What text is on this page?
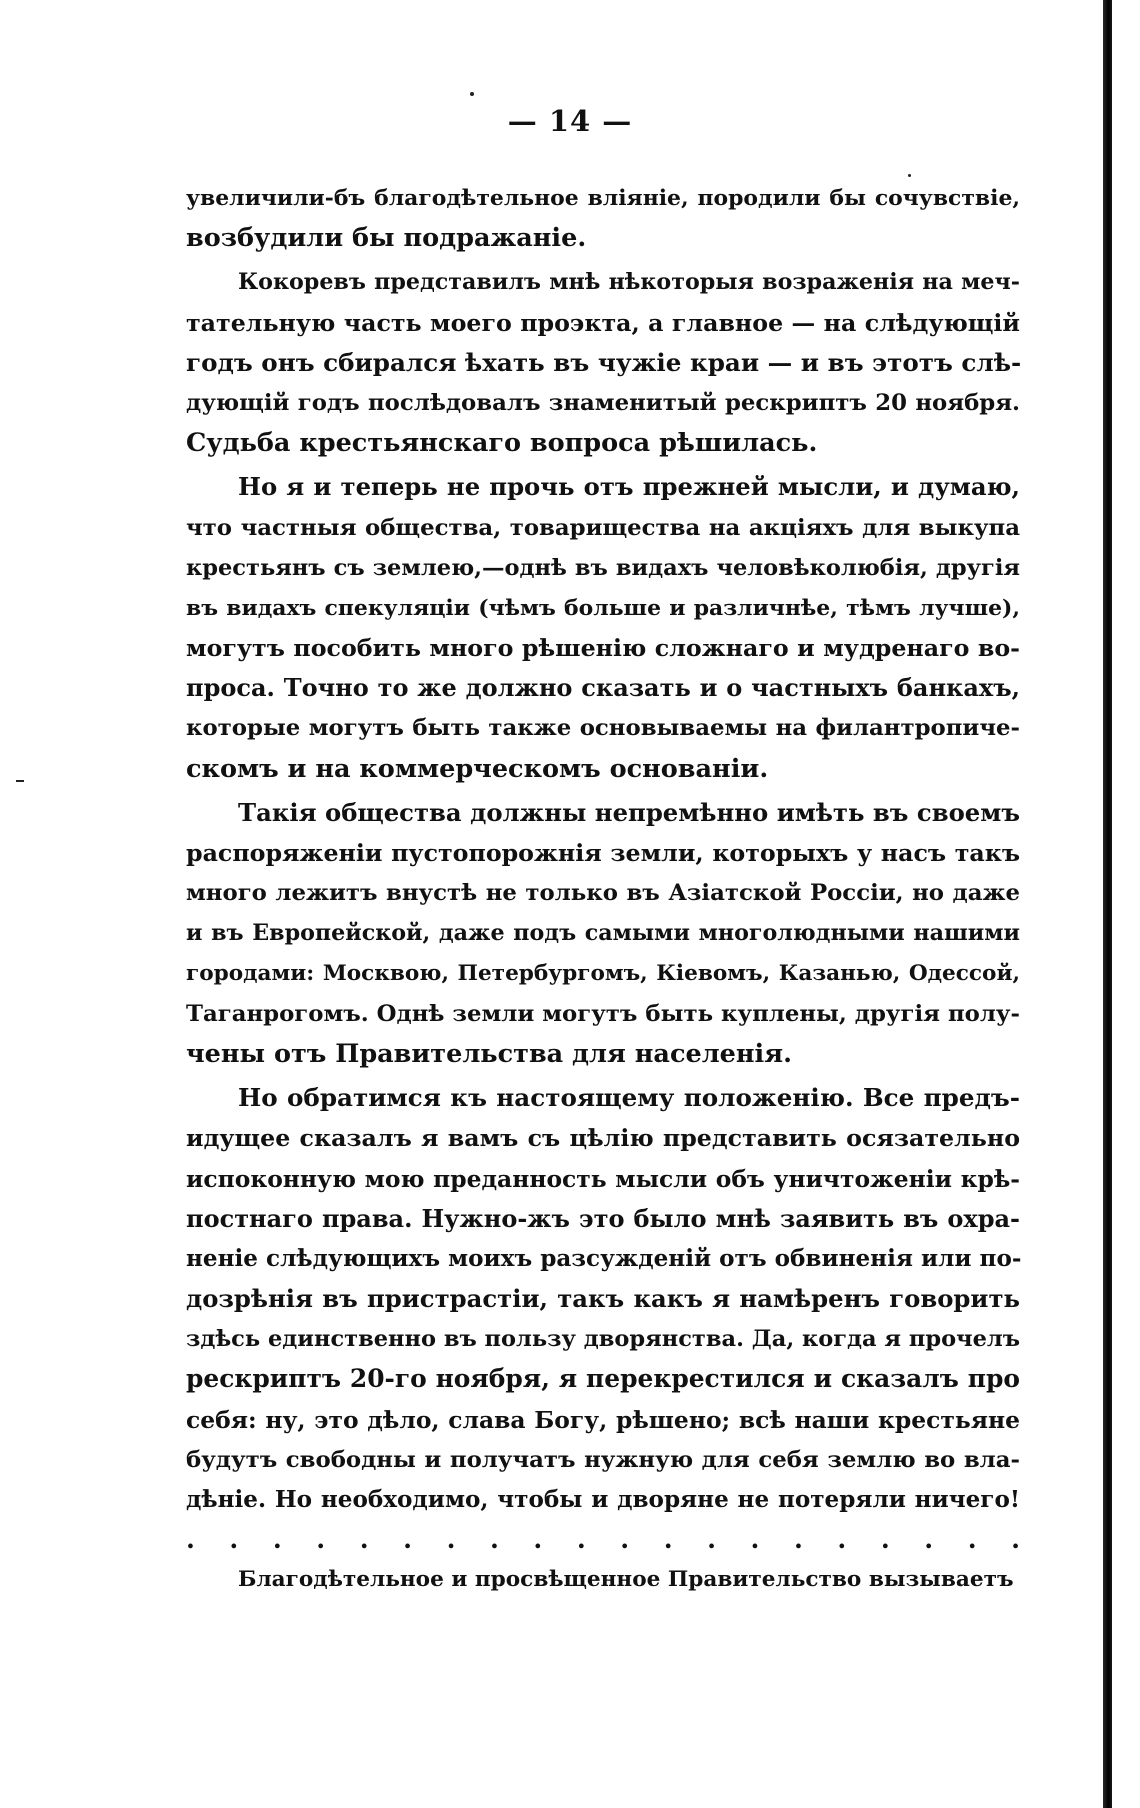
— 14 —
увеличили-бъ благодѣтельное вліяніе, породили бы сочувствіе,
возбудили бы подражаніе.
Кокоревъ представилъ мнѣ нѣкоторыя возраженія на меч-
тательную часть моего проэкта, а главное — на слѣдующій
годъ онъ сбирался ѣхать въ чужіе краи — и въ этотъ слѣ-
дующій годъ послѣдовалъ знаменитый рескриптъ 20 ноября.
Судьба крестьянскаго вопроса рѣшилась.
Но я и теперь не прочь отъ прежней мысли, и думаю,
что частныя общества, товарищества на акціяхъ для выкупа
крестьянъ съ землею,—однѣ въ видахъ человѣколюбія, другія
въ видахъ спекуляціи (чѣмъ больше и различнѣе, тѣмъ лучше),
могутъ пособить много рѣшенію сложнаго и мудренаго во-
проса. Точно то же должно сказать и о частныхъ банкахъ,
которые могутъ быть также основываемы на филантропиче-
скомъ и на коммерческомъ основаніи.
Такія общества должны непремѣнно имѣть въ своемъ
распоряженіи пустопорожнія земли, которыхъ у насъ такъ
много лежитъ внустѣ не только въ Азіатской Россіи, но даже
и въ Европейской, даже подъ самыми многолюдными нашими
городами: Москвою, Петербургомъ, Кіевомъ, Казанью, Одессой,
Таганрогомъ. Однѣ земли могутъ быть куплены, другія полу-
чены отъ Правительства для населенія.
Но обратимся къ настоящему положенію. Все предъ-
идущее сказалъ я вамъ съ цѣлію представить осязательно
испоконную мою преданность мысли объ уничтоженіи крѣ-
постнаго права. Нужно-жъ это было мнѣ заявить въ охра-
неніе слѣдующихъ моихъ разсужденій отъ обвиненія или по-
дозрѣнія въ пристрастіи, такъ какъ я намѣренъ говорить
здѣсь единственно въ пользу дворянства. Да, когда я прочелъ
рескриптъ 20-го ноября, я перекрестился и сказалъ про
себя: ну, это дѣло, слава Богу, рѣшено; всѣ наши крестьяне
будутъ свободны и получатъ нужную для себя землю во вла-
дѣніе. Но необходимо, чтобы и дворяне не потеряли ничего!
. . . . . . . . . . . . . . . . . . . .
Благодѣтельное и просвѣщенное Правительство вызываетъ
